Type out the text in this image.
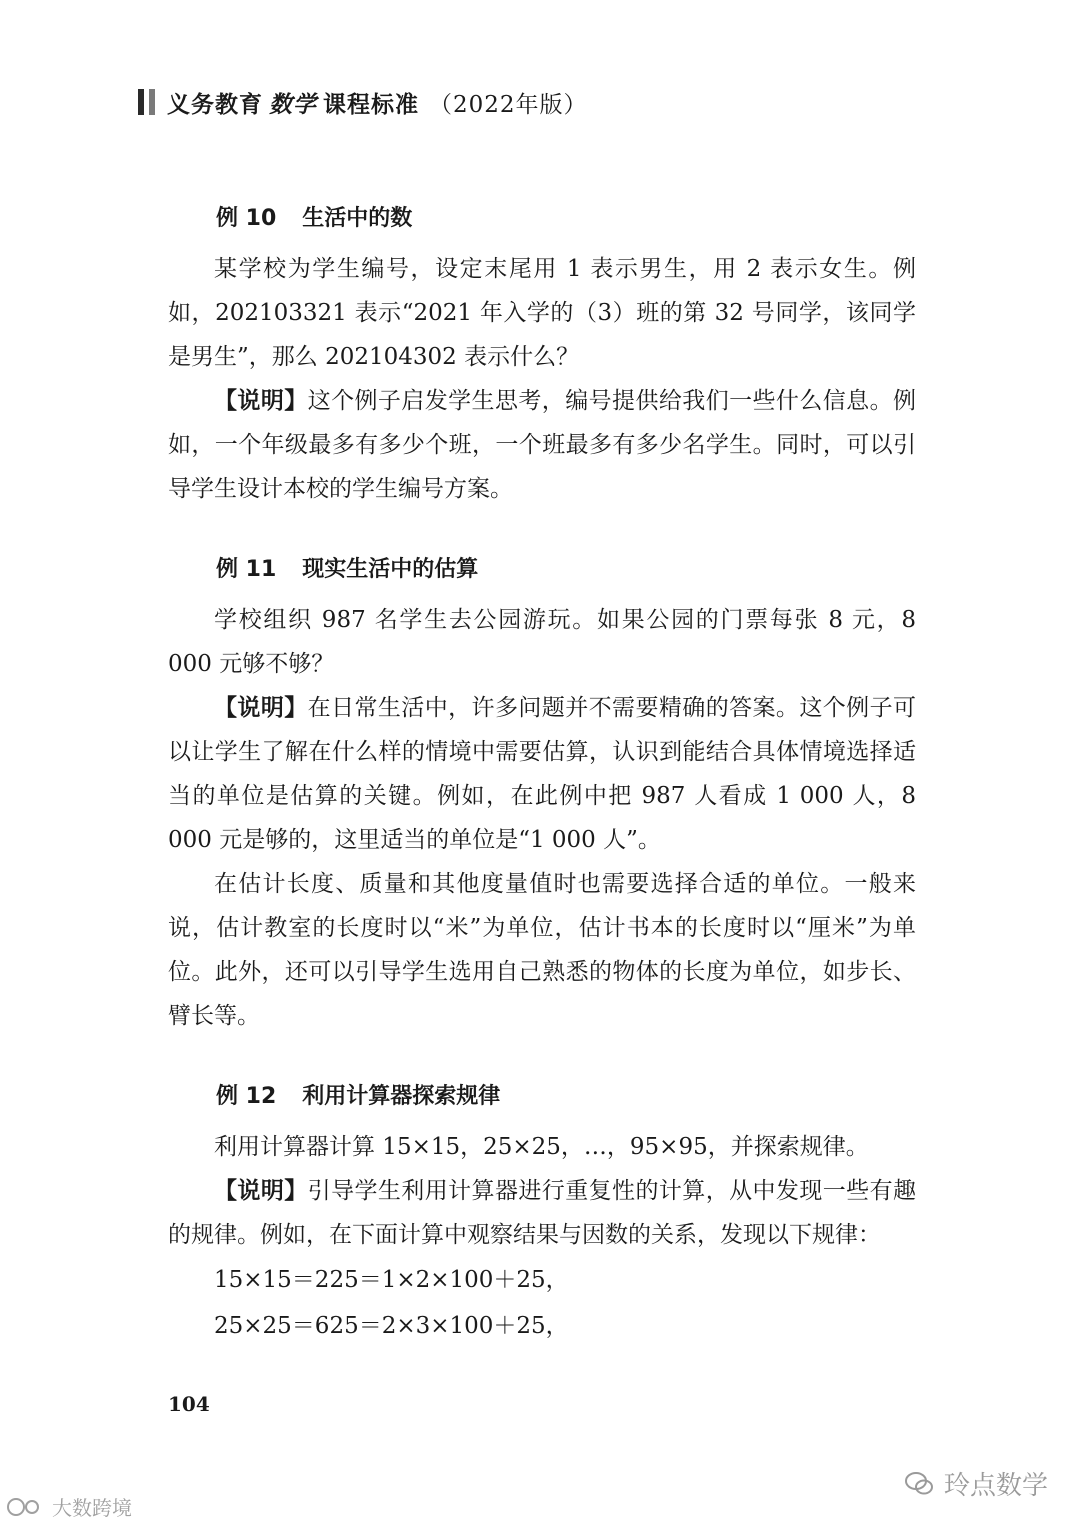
义务教育 数学 课程标准 （2022年版）
例 10 生活中的数

某学校为学生编号，设定末尾用 1 表示男生，用 2 表示女生。例如，202103321 表示“2021 年入学的（3）班的第 32 号同学，该同学是男生”，那么 202104302 表示什么？

【说明】这个例子启发学生思考，编号提供给我们一些什么信息。例如，一个年级最多有多少个班，一个班最多有多少名学生。同时，可以引导学生设计本校的学生编号方案。

例 11 现实生活中的估算

学校组织 987 名学生去公园游玩。如果公园的门票每张 8 元，8 000 元够不够？

【说明】在日常生活中，许多问题并不需要精确的答案。这个例子可以让学生了解在什么样的情境中需要估算，认识到能结合具体情境选择适当的单位是估算的关键。例如，在此例中把 987 人看成 1 000 人，8 000 元是够的，这里适当的单位是“1 000 人”。

在估计长度、质量和其他度量值时也需要选择合适的单位。一般来说，估计教室的长度时以“米”为单位，估计书本的长度时以“厘米”为单位。此外，还可以引导学生选用自己熟悉的物体的长度为单位，如步长、臂长等。

例 12 利用计算器探索规律

利用计算器计算 15×15，25×25，…，95×95，并探索规律。

【说明】引导学生利用计算器进行重复性的计算，从中发现一些有趣的规律。例如，在下面计算中观察结果与因数的关系，发现以下规律：

15×15＝225＝1×2×100＋25，

25×25＝625＝2×3×100＋25，

104
玲点数学
大数跨境
